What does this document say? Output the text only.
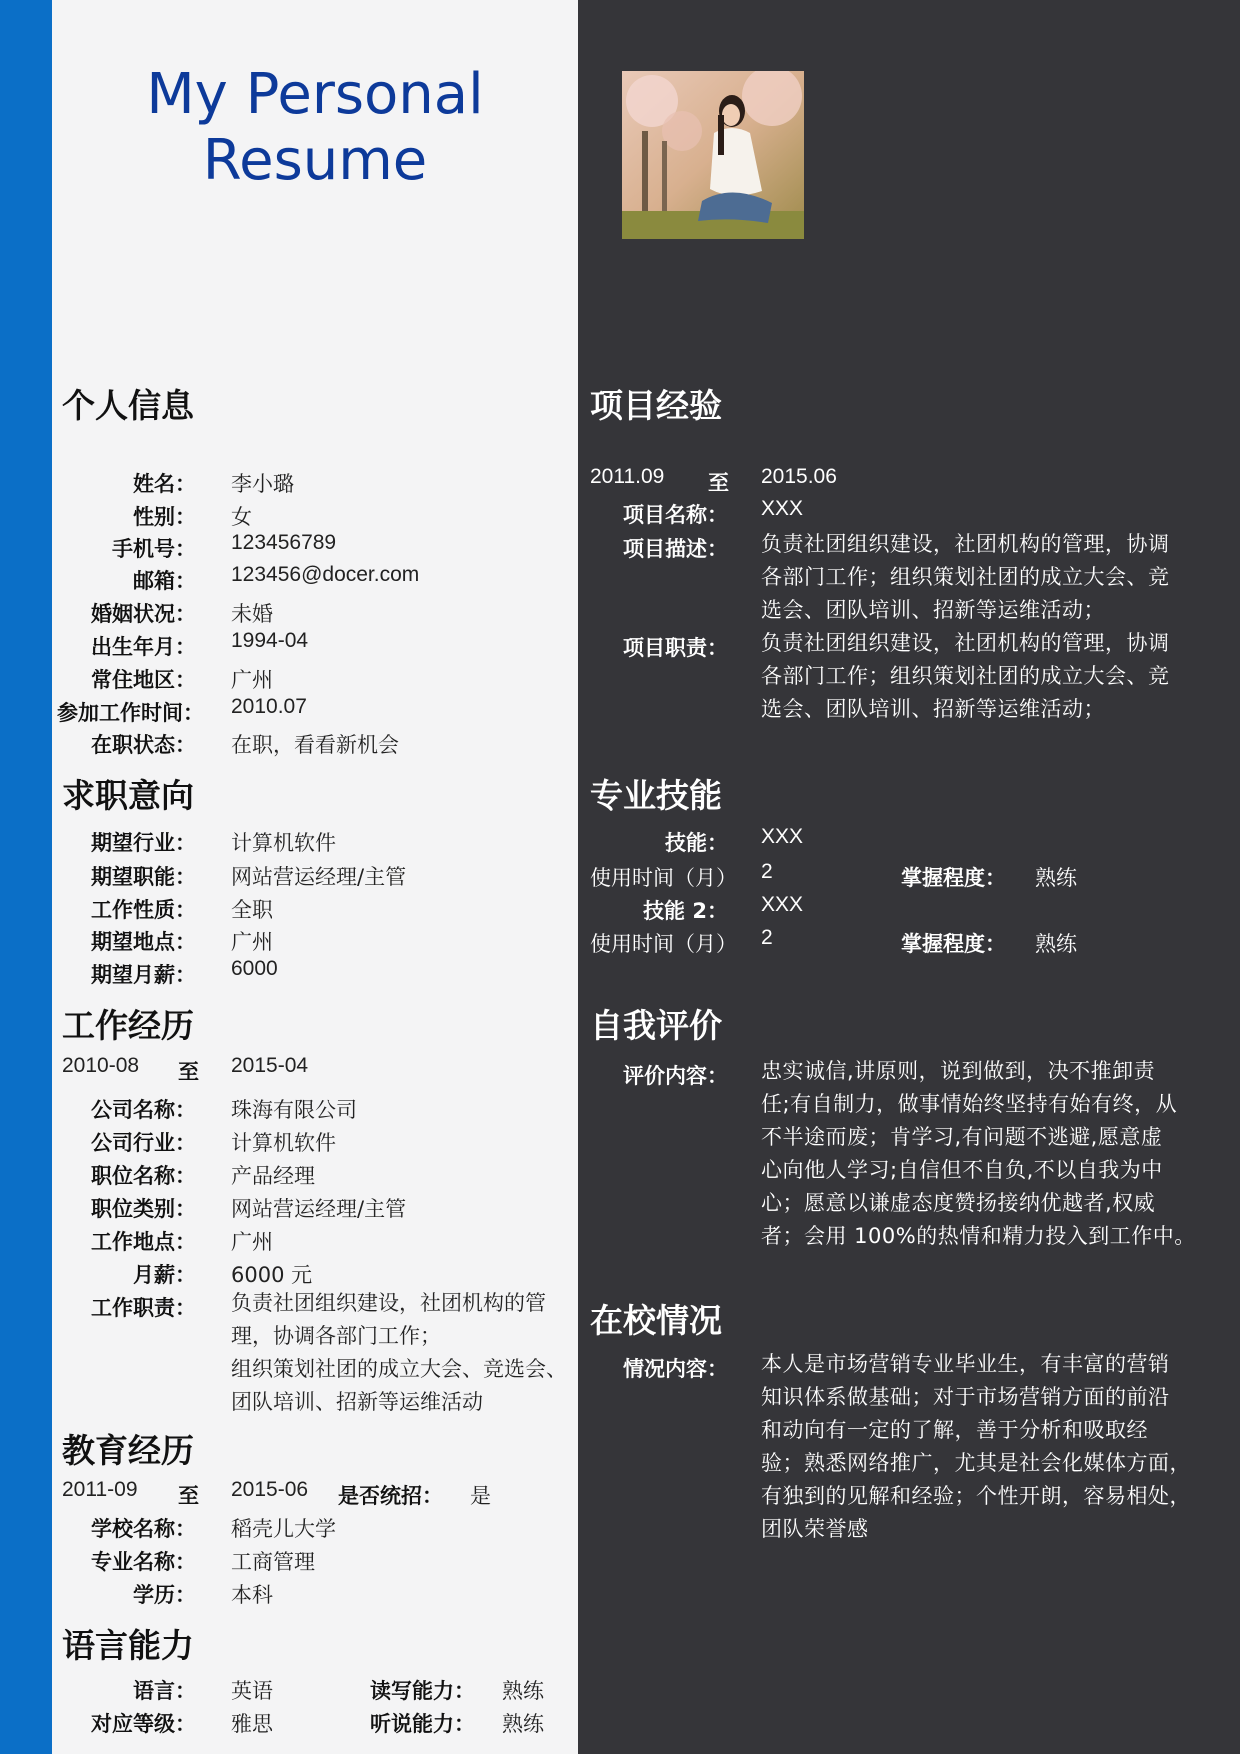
My Personal
Resume
个人信息
姓名： 李小璐
性别： 女
手机号： 123456789
邮箱： 123456@docer.com
婚姻状况： 未婚
出生年月： 1994-04
常住地区： 广州
参加工作时间： 2010.07
在职状态： 在职，看看新机会
求职意向
期望行业： 计算机软件
期望职能： 网站营运经理/主管
工作性质： 全职
期望地点： 广州
期望月薪： 6000
工作经历
2010-08 至 2015-04
公司名称： 珠海有限公司
公司行业： 计算机软件
职位名称： 产品经理
职位类别： 网站营运经理/主管
工作地点： 广州
月薪： 6000 元
工作职责： 负责社团组织建设，社团机构的管
理，协调各部门工作；
组织策划社团的成立大会、竞选会、
团队培训、招新等运维活动
教育经历
2011-09 至 2015-06 是否统招： 是
学校名称： 稻壳儿大学
专业名称： 工商管理
学历： 本科
语言能力
语言： 英语	读写能力： 熟练
对应等级： 雅思	听说能力： 熟练
项目经验
2011.09 至 2015.06
项目名称： XXX
项目描述： 负责社团组织建设，社团机构的管理，协调
各部门工作；组织策划社团的成立大会、竞
选会、团队培训、招新等运维活动；
项目职责： 负责社团组织建设，社团机构的管理，协调
各部门工作；组织策划社团的成立大会、竞
选会、团队培训、招新等运维活动；
专业技能
技能： XXX
使用时间（月） 2	掌握程度： 熟练
技能 2： XXX
使用时间（月） 2	掌握程度： 熟练
自我评价
评价内容： 忠实诚信,讲原则，说到做到，决不推卸责
任;有自制力，做事情始终坚持有始有终，从
不半途而废；肯学习,有问题不逃避,愿意虚
心向他人学习;自信但不自负,不以自我为中
心；愿意以谦虚态度赞扬接纳优越者,权威
者；会用 100%的热情和精力投入到工作中。
在校情况
情况内容： 本人是市场营销专业毕业生，有丰富的营销
知识体系做基础；对于市场营销方面的前沿
和动向有一定的了解，善于分析和吸取经
验；熟悉网络推广，尤其是社会化媒体方面，
有独到的见解和经验；个性开朗，容易相处，
团队荣誉感
